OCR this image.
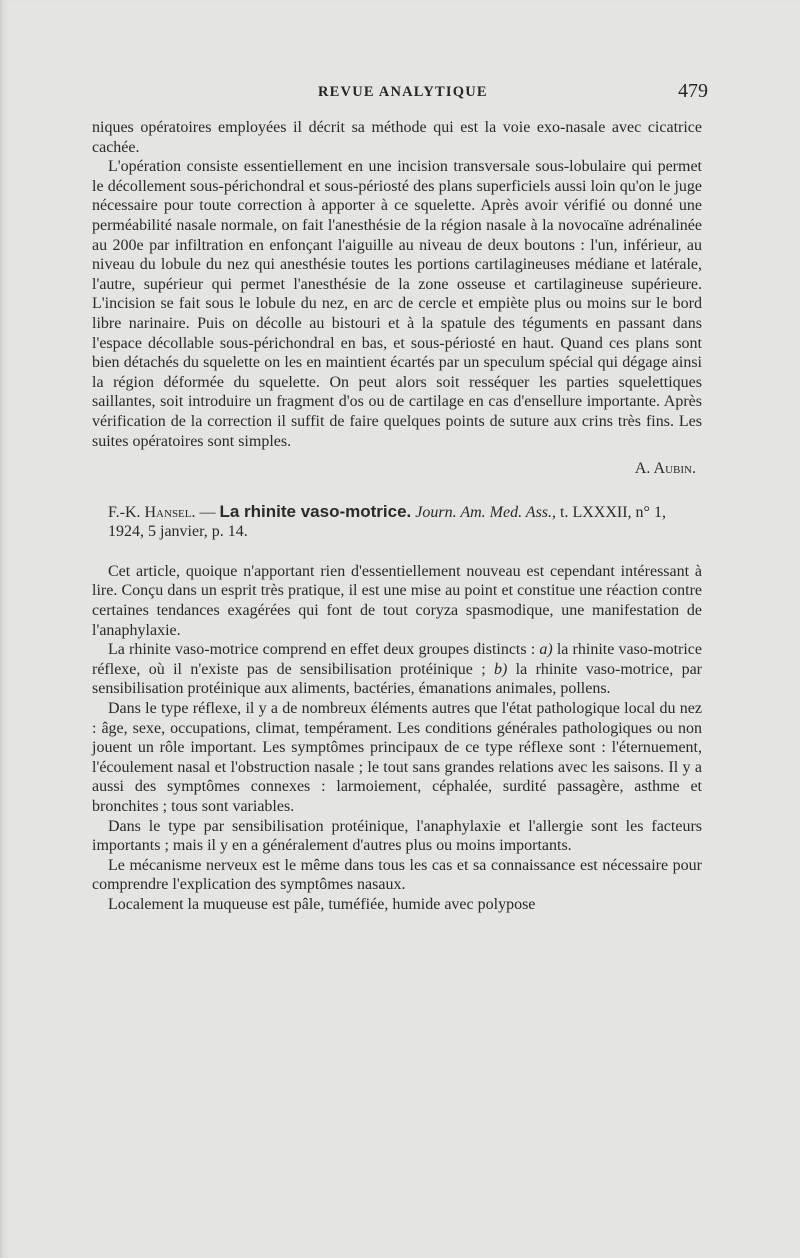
REVUE ANALYTIQUE	479

niques opératoires employées il décrit sa méthode qui est la voie exo-nasale avec cicatrice cachée.

L'opération consiste essentiellement en une incision transversale sous-lobulaire qui permet le décollement sous-périchondral et sous-périosté des plans superficiels aussi loin qu'on le juge nécessaire pour toute correction à apporter à ce squelette. Après avoir vérifié ou donné une perméabilité nasale normale, on fait l'anesthésie de la région nasale à la novocaïne adrénalinée au 200e par infiltration en enfonçant l'aiguille au niveau de deux boutons : l'un, inférieur, au niveau du lobule du nez qui anesthésie toutes les portions cartilagineuses médiane et latérale, l'autre, supérieur qui permet l'anesthésie de la zone osseuse et cartilagineuse supérieure. L'incision se fait sous le lobule du nez, en arc de cercle et empiète plus ou moins sur le bord libre narinaire. Puis on décolle au bistouri et à la spatule des téguments en passant dans l'espace décollable sous-périchondral en bas, et sous-périosté en haut. Quand ces plans sont bien détachés du squelette on les en maintient écartés par un speculum spécial qui dégage ainsi la région déformée du squelette. On peut alors soit resséquer les parties squelettiques saillantes, soit introduire un fragment d'os ou de cartilage en cas d'ensellure importante. Après vérification de la correction il suffit de faire quelques points de suture aux crins très fins. Les suites opératoires sont simples.

A. Aubin.

F.-K. Hansel. — La rhinite vaso-motrice. Journ. Am. Med. Ass., t. LXXXII, n° 1, 1924, 5 janvier, p. 14.

Cet article, quoique n'apportant rien d'essentiellement nouveau est cependant intéressant à lire. Conçu dans un esprit très pratique, il est une mise au point et constitue une réaction contre certaines tendances exagérées qui font de tout coryza spasmodique, une manifestation de l'anaphylaxie.

La rhinite vaso-motrice comprend en effet deux groupes distincts : a) la rhinite vaso-motrice réflexe, où il n'existe pas de sensibilisation protéinique ; b) la rhinite vaso-motrice, par sensibilisation protéinique aux aliments, bactéries, émanations animales, pollens.

Dans le type réflexe, il y a de nombreux éléments autres que l'état pathologique local du nez : âge, sexe, occupations, climat, tempérament. Les conditions générales pathologiques ou non jouent un rôle important. Les symptômes principaux de ce type réflexe sont : l'éternuement, l'écoulement nasal et l'obstruction nasale ; le tout sans grandes relations avec les saisons. Il y a aussi des symptômes connexes : larmoiement, céphalée, surdité passagère, asthme et bronchites ; tous sont variables.

Dans le type par sensibilisation protéinique, l'anaphylaxie et l'allergie sont les facteurs importants ; mais il y en a généralement d'autres plus ou moins importants.

Le mécanisme nerveux est le même dans tous les cas et sa connaissance est nécessaire pour comprendre l'explication des symptômes nasaux.

Localement la muqueuse est pâle, tuméfiée, humide avec polypose
